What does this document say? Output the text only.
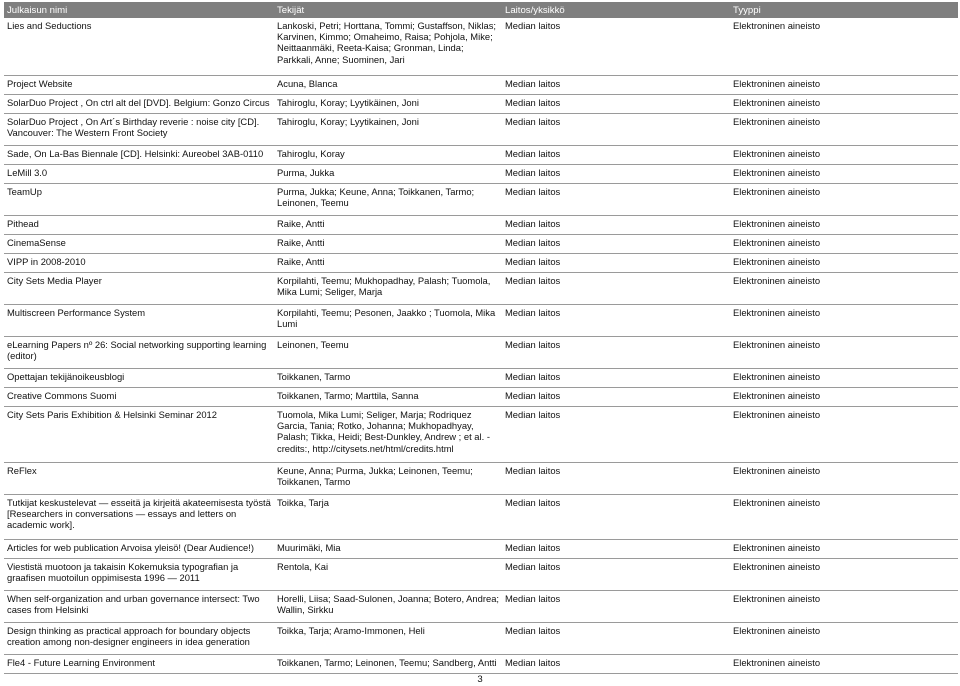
Julkaisun nimi	Tekijät	Laitos/yksikkö	Tyyppi
Lies and Seductions	Lankoski, Petri; Horttana, Tommi; Gustaffson, Niklas; Karvinen, Kimmo; Omaheimo, Raisa; Pohjola, Mike; Neittaanmäki, Reeta-Kaisa; Gronman, Linda; Parkkali, Anne; Suominen, Jari	Median laitos	Elektroninen aineisto
Project Website	Acuna, Blanca	Median laitos	Elektroninen aineisto
SolarDuo Project , On ctrl alt del [DVD]. Belgium: Gonzo Circus	Tahiroglu, Koray; Lyytikäinen, Joni	Median laitos	Elektroninen aineisto
SolarDuo Project , On Art´s Birthday reverie : noise city [CD]. Vancouver: The Western Front Society	Tahiroglu, Koray; Lyytikainen, Joni	Median laitos	Elektroninen aineisto
Sade, On La-Bas Biennale [CD]. Helsinki: Aureobel 3AB-0110	Tahiroglu, Koray	Median laitos	Elektroninen aineisto
LeMill 3.0	Purma, Jukka	Median laitos	Elektroninen aineisto
TeamUp	Purma, Jukka; Keune, Anna; Toikkanen, Tarmo; Leinonen, Teemu	Median laitos	Elektroninen aineisto
Pithead	Raike, Antti	Median laitos	Elektroninen aineisto
CinemaSense	Raike, Antti	Median laitos	Elektroninen aineisto
VIPP in 2008-2010	Raike, Antti	Median laitos	Elektroninen aineisto
City Sets Media Player	Korpilahti, Teemu; Mukhopadhay, Palash; Tuomola, Mika Lumi; Seliger, Marja	Median laitos	Elektroninen aineisto
Multiscreen Performance System	Korpilahti, Teemu; Pesonen, Jaakko ; Tuomola, Mika Lumi	Median laitos	Elektroninen aineisto
eLearning Papers nº 26: Social networking supporting learning (editor)	Leinonen, Teemu	Median laitos	Elektroninen aineisto
Opettajan tekijänoikeusblogi	Toikkanen, Tarmo	Median laitos	Elektroninen aineisto
Creative Commons Suomi	Toikkanen, Tarmo; Marttila, Sanna	Median laitos	Elektroninen aineisto
City Sets Paris Exhibition & Helsinki Seminar 2012	Tuomola, Mika Lumi; Seliger, Marja; Rodriquez Garcia, Tania; Rotko, Johanna; Mukhopadhyay, Palash; Tikka, Heidi; Best-Dunkley, Andrew ; et al. - credits:, http://citysets.net/html/credits.html	Median laitos	Elektroninen aineisto
ReFlex	Keune, Anna; Purma, Jukka; Leinonen, Teemu; Toikkanen, Tarmo	Median laitos	Elektroninen aineisto
Tutkijat keskustelevat — esseitä ja kirjeitä akateemisesta työstä [Researchers in conversations — essays and letters on academic work].	Toikka, Tarja	Median laitos	Elektroninen aineisto
Articles for web publication Arvoisa yleisö! (Dear Audience!)	Muurimäki, Mia	Median laitos	Elektroninen aineisto
Viestistä muotoon ja takaisin Kokemuksia typografian ja graafisen muotoilun oppimisesta 1996 — 2011	Rentola, Kai	Median laitos	Elektroninen aineisto
When self-organization and urban governance intersect: Two cases from Helsinki	Horelli, Liisa; Saad-Sulonen, Joanna; Botero, Andrea; Wallin, Sirkku	Median laitos	Elektroninen aineisto
Design thinking as practical approach for boundary objects creation among non-designer engineers in idea generation	Toikka, Tarja; Aramo-Immonen, Heli	Median laitos	Elektroninen aineisto
Fle4 - Future Learning Environment	Toikkanen, Tarmo; Leinonen, Teemu; Sandberg, Antti	Median laitos	Elektroninen aineisto
3
